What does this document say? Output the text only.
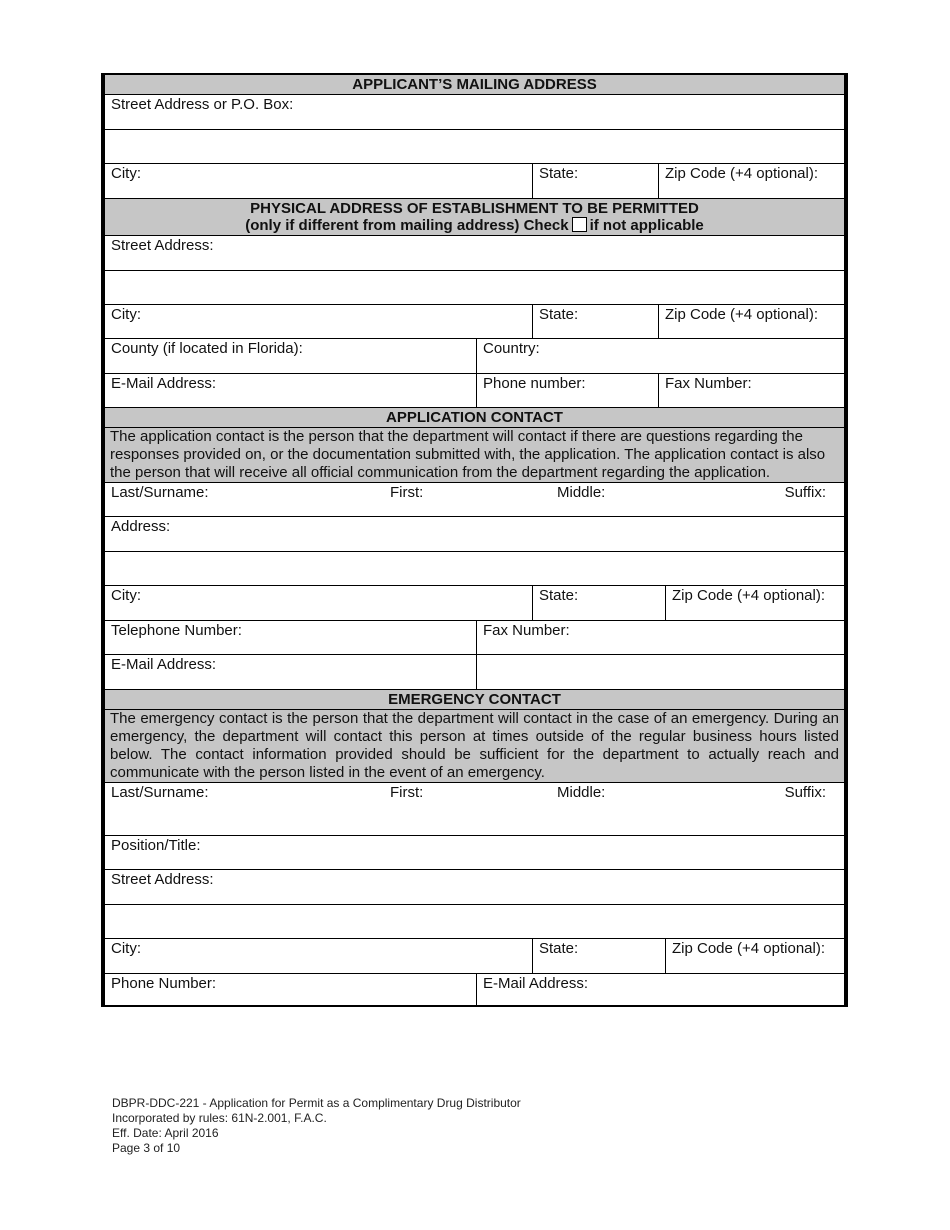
APPLICANT’S MAILING ADDRESS
Street Address or P.O. Box:
City:	State:	Zip Code (+4 optional):
PHYSICAL ADDRESS OF ESTABLISHMENT TO BE PERMITTED
(only if different from mailing address) Check if not applicable
Street Address:
City:	State:	Zip Code (+4 optional):
County (if located in Florida):	Country:
E-Mail Address:	Phone number:	Fax Number:
APPLICATION CONTACT
The application contact is the person that the department will contact if there are questions regarding the responses provided on, or the documentation submitted with, the application. The application contact is also the person that will receive all official communication from the department regarding the application.
Last/Surname:	First:	Middle:	Suffix:
Address:
City:	State:	Zip Code (+4 optional):
Telephone Number:	Fax Number:
E-Mail Address:
EMERGENCY CONTACT
The emergency contact is the person that the department will contact in the case of an emergency. During an emergency, the department will contact this person at times outside of the regular business hours listed below. The contact information provided should be sufficient for the department to actually reach and communicate with the person listed in the event of an emergency.
Last/Surname:	First:	Middle:	Suffix:
Position/Title:
Street Address:
City:	State:	Zip Code (+4 optional):
Phone Number:	E-Mail Address:
DBPR-DDC-221 - Application for Permit as a Complimentary Drug Distributor
Incorporated by rules: 61N-2.001, F.A.C.
Eff. Date: April 2016
Page 3 of 10
